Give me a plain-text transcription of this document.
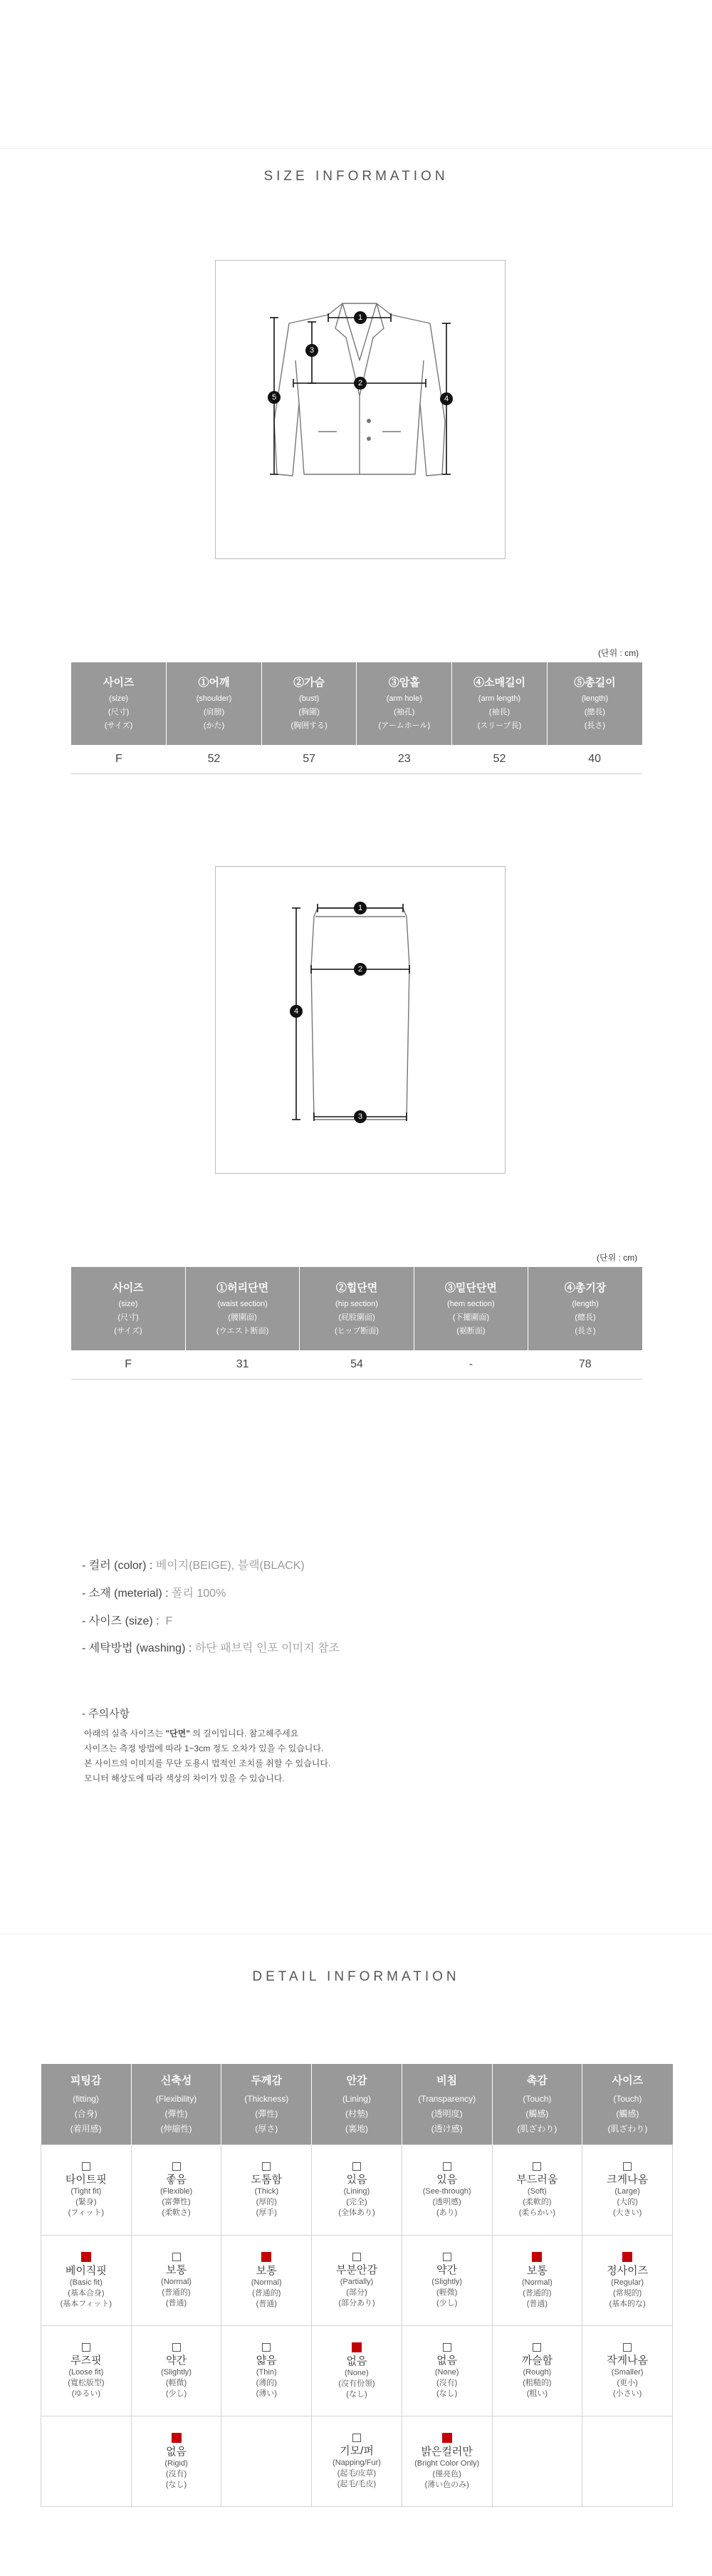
SIZE INFORMATION
1
2
3
4
5
(단위 : cm)
사이즈
(size)
(尺寸)
(サイズ)	①어깨
(shoulder)
(肩膀)
(かた)	②가슴
(bust)
(胸圍)
(胸囲する)	③암홀
(arm hole)
(袖孔)
(アームホール)	④소매길이
(arm length)
(袖長)
(スリーブ長)	⑤총길이
(length)
(總長)
(長さ)

F	52	57	23	52	40
1
2
3
4
(단위 : cm)
사이즈
(size)
(尺寸)
(サイズ)	①허리단면
(waist section)
(腰圍面)
(ウエスト断面)	②힙단면
(hip section)
(屁股圍面)
(ヒップ断面)	③밑단단면
(hem section)
(下擺圍面)
(裾断面)	④총기장
(length)
(總長)
(長さ)

F	31	54	-	78
- 컬러 (color) : 베이지(BEIGE), 블랙(BLACK)
- 소재 (meterial) : 폴리 100%
- 사이즈 (size) :  F
- 세탁방법 (washing) : 하단 패브릭 인포 이미지 참조
- 주의사항
아래의 실측 사이즈는 "단면" 의 길이입니다. 참고해주세요
사이즈는 측정 방법에 따라 1~3cm 정도 오차가 있을 수 있습니다.
본 사이트의 이미지를 무단 도용시 법적인 조치를 취할 수 있습니다.
모니터 해상도에 따라 색상의 차이가 있을 수 있습니다.
DETAIL INFORMATION
피팅감
(fitting)
(合身)
(着用感)	신축성
(Flexibility)
(彈性)
(伸縮性)	두께감
(Thickness)
(彈性)
(厚さ)	안감
(Lining)
(村墊)
(裏地)	비침
(Transparency)
(透明度)
(透け感)	촉감
(Touch)
(觸感)
(肌ざわり)	사이즈
(Touch)
(觸感)
(肌ざわり)

타이트핏
(Tight fit)
(緊身)
(フィット)	좋음
(Flexible)
(富彈性)
(柔軟さ)	도톰함
(Thick)
(厚的)
(厚手)	있음
(Lining)
(完全)
(全体あり)	있음
(See-through)
(透明感)
(あり)	부드러움
(Soft)
(柔軟的)
(柔らかい)	크게나옴
(Large)
(大的)
(大きい)

베이직핏
(Basic fit)
(基本合身)
(基本フィット)	보통
(Normal)
(普通的)
(普通)	보통
(Normal)
(普通的)
(普通)	부분안감
(Partially)
(部分)
(部分あり)	약간
(Slightly)
(輕微)
(少し)	보통
(Normal)
(普通的)
(普通)	정사이즈
(Regular)
(常規的)
(基本的な)

루즈핏
(Loose fit)
(寬松版型)
(ゆるい)	약간
(Slightly)
(輕微)
(少し)	얇음
(Thin)
(薄的)
(薄い)	없음
(None)
(沒有份領)
(なし)	없음
(None)
(沒有)
(なし)	까슬함
(Rough)
(粗糙的)
(粗い)	작게나옴
(Smaller)
(更小)
(小さい)

	없음
(Rigid)
(沒有)
(なし)		기모/퍼
(Napping/Fur)
(起毛/皮草)
(起毛/毛皮)	밝은컬러만
(Bright Color Only)
(僅亮色)
(薄い色のみ)		
